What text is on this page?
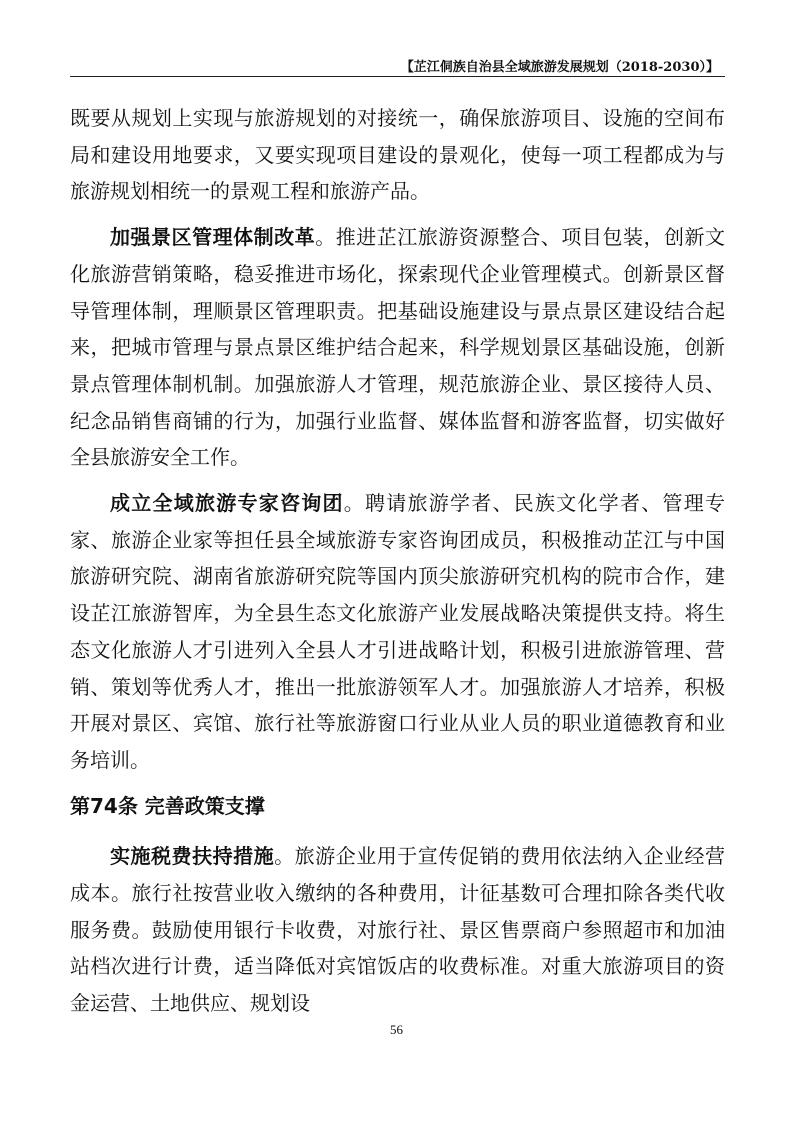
【芷江侗族自治县全域旅游发展规划（2018-2030）】

既要从规划上实现与旅游规划的对接统一，确保旅游项目、设施的空间布局和建设用地要求，又要实现项目建设的景观化，使每一项工程都成为与旅游规划相统一的景观工程和旅游产品。

加强景区管理体制改革。推进芷江旅游资源整合、项目包装，创新文化旅游营销策略，稳妥推进市场化，探索现代企业管理模式。创新景区督导管理体制，理顺景区管理职责。把基础设施建设与景点景区建设结合起来，把城市管理与景点景区维护结合起来，科学规划景区基础设施，创新景点管理体制机制。加强旅游人才管理，规范旅游企业、景区接待人员、纪念品销售商铺的行为，加强行业监督、媒体监督和游客监督，切实做好全县旅游安全工作。

成立全域旅游专家咨询团。聘请旅游学者、民族文化学者、管理专家、旅游企业家等担任县全域旅游专家咨询团成员，积极推动芷江与中国旅游研究院、湖南省旅游研究院等国内顶尖旅游研究机构的院市合作，建设芷江旅游智库，为全县生态文化旅游产业发展战略决策提供支持。将生态文化旅游人才引进列入全县人才引进战略计划，积极引进旅游管理、营销、策划等优秀人才，推出一批旅游领军人才。加强旅游人才培养，积极开展对景区、宾馆、旅行社等旅游窗口行业从业人员的职业道德教育和业务培训。

第74条 完善政策支撑

实施税费扶持措施。旅游企业用于宣传促销的费用依法纳入企业经营成本。旅行社按营业收入缴纳的各种费用，计征基数可合理扣除各类代收服务费。鼓励使用银行卡收费，对旅行社、景区售票商户参照超市和加油站档次进行计费，适当降低对宾馆饭店的收费标准。对重大旅游项目的资金运营、土地供应、规划设

56
